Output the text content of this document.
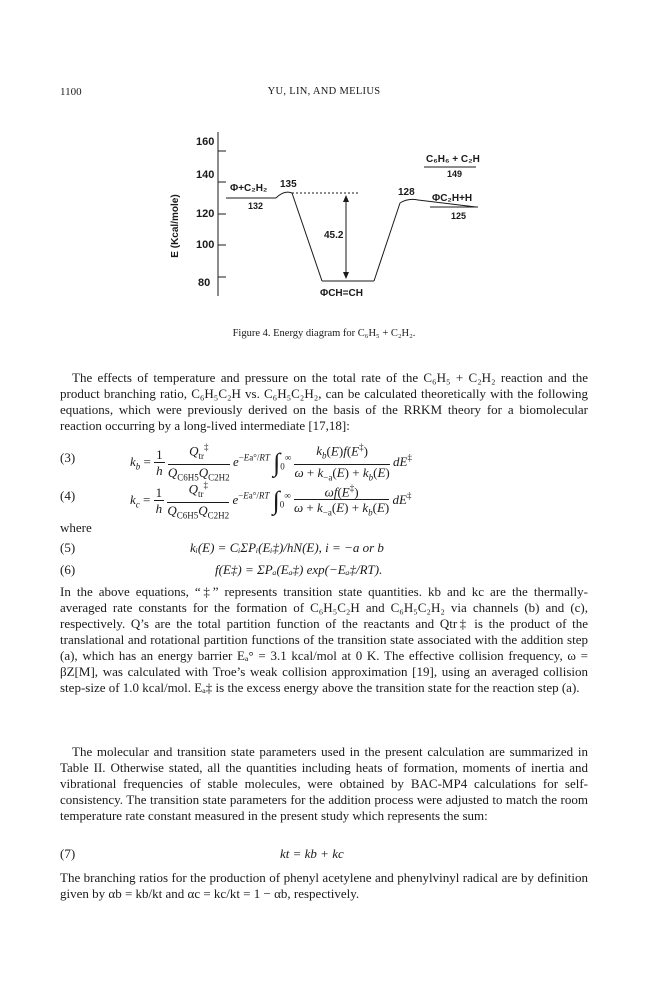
1100	YU, LIN, AND MELIUS
160
140
120
100
80
E (Kcal/mole)
Φ+C₂H₂
132
135
ΦCH=CH
45.2
128
ΦC₂H+H
125
C₆H₆ + C₂H
149
Figure 4. Energy diagram for C₆H₅ + C₂H₂.

The effects of temperature and pressure on the total rate of the C₆H₅ + C₂H₂ reaction and the product branching ratio, C₆H₅C₂H vs. C₆H₅C₂H₂, can be calculated theoretically with the following equations, which were previously derived on the basis of the RRKM theory for a biomolecular reaction occurring by a long-lived intermediate [17,18]:

(3)	$k_b = \frac{1}{h}$
$\frac{Q_{tr}^\ddagger}{Q_{C6H5}Q_{C2H2}} e^{-Ea^\circ/RT}$ $\int_0^\infty \frac{k_b(E)f(E^\ddagger)}{\omega + k_{-a}(E) + k_b(E)} dE^\ddagger$
(4)	$k_c = \frac{1}{h}$
$\frac{Q_{tr}^\ddagger}{Q_{C6H5}Q_{C2H2}} e^{-Ea^\circ/RT}$ $\int_0^\infty \frac{\omega f(E^\ddagger)}{\omega + k_{-a}(E) + k_b(E)} dE^\ddagger$
where
(5)	kᵢ(E) = CᵢΣPᵢ(Eᵢ‡)/hN(E), i = −a or b
(6)	f(E‡) = ΣPₐ(Eₐ‡) exp(−Eₐ‡/RT).

In the above equations, “‡” represents transition state quantities. kb and kc are the thermally-averaged rate constants for the formation of C₆H₅C₂H and C₆H₅C₂H₂ via channels (b) and (c), respectively. Q’s are the total partition function of the reactants and Qtr‡ is the product of the translational and rotational partition functions of the transition state associated with the addition step (a), which has an energy barrier Eₐ° = 3.1 kcal/mol at 0 K. The effective collision frequency, ω = βZ[M], was calculated with Troe’s weak collision approximation [19], using an averaged collision step-size of 1.0 kcal/mol. Eₐ‡ is the excess energy above the transition state for the reaction step (a).

The molecular and transition state parameters used in the present calculation are summarized in Table II. Otherwise stated, all the quantities including heats of formation, moments of inertia and vibrational frequencies of stable molecules, were obtained by BAC-MP4 calculations for self-consistency. The transition state parameters for the addition process were adjusted to match the room temperature rate constant measured in the present study which represents the sum:

(7)	kt = kb + kc

The branching ratios for the production of phenyl acetylene and phenylvinyl radical are by definition given by αb = kb/kt and αc = kc/kt = 1 − αb, respectively.
